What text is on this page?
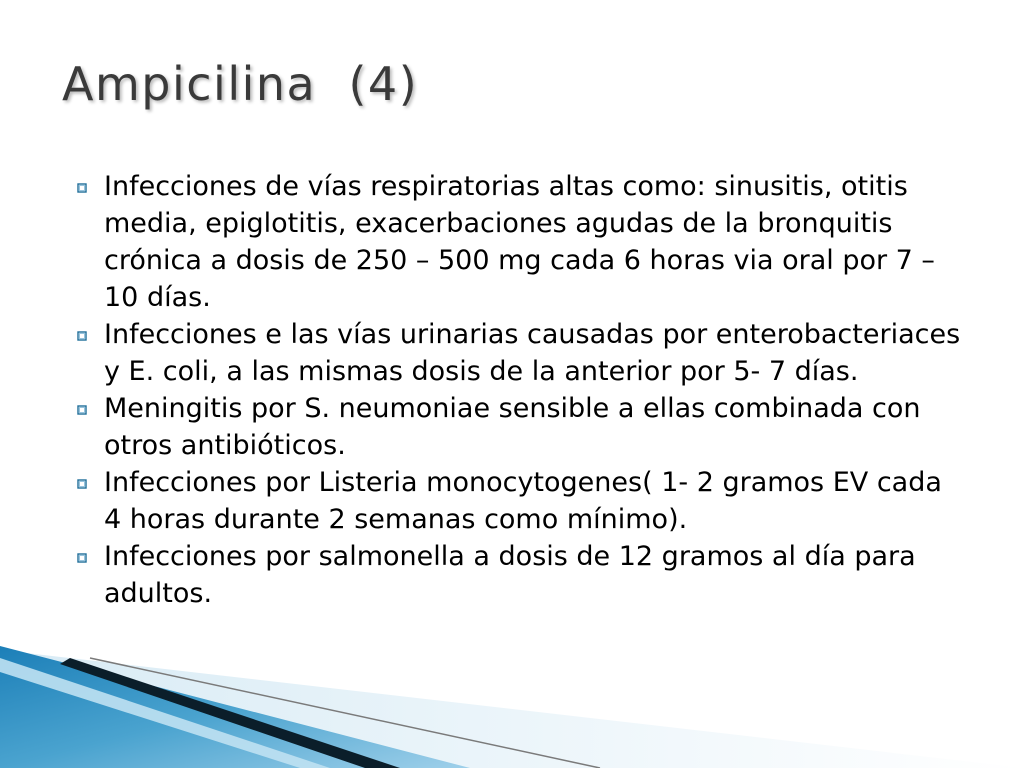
Ampicilina  (4)
Infecciones de vías respiratorias altas como: sinusitis, otitis media, epiglotitis, exacerbaciones agudas de la bronquitis crónica a dosis de 250 – 500 mg cada 6 horas via oral por 7 – 10 días.
Infecciones e las vías urinarias causadas por enterobacteriaces y E. coli, a las mismas dosis de la anterior por 5- 7 días.
Meningitis por S. neumoniae sensible a ellas combinada con otros antibióticos.
Infecciones por Listeria monocytogenes( 1- 2 gramos EV cada 4 horas durante 2 semanas como mínimo).
Infecciones por salmonella a dosis de 12 gramos al día para adultos.
